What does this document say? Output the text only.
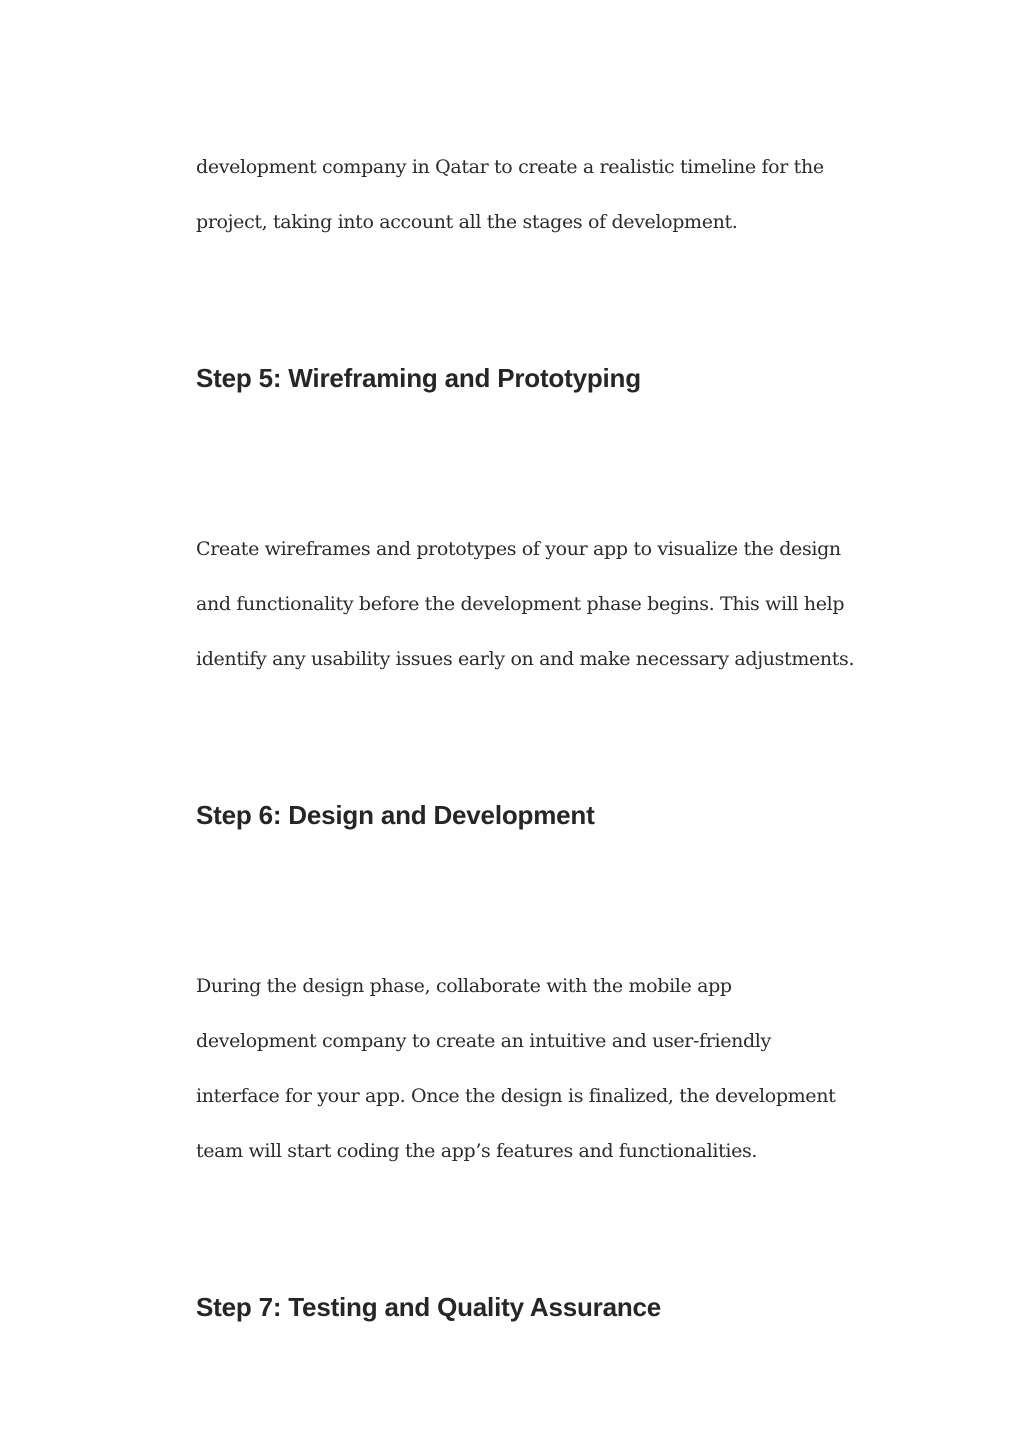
development company in Qatar to create a realistic timeline for the

project, taking into account all the stages of development.

Step 5: Wireframing and Prototyping

Create wireframes and prototypes of your app to visualize the design

and functionality before the development phase begins. This will help

identify any usability issues early on and make necessary adjustments.

Step 6: Design and Development

During the design phase, collaborate with the mobile app

development company to create an intuitive and user-friendly

interface for your app. Once the design is finalized, the development

team will start coding the app’s features and functionalities.

Step 7: Testing and Quality Assurance
